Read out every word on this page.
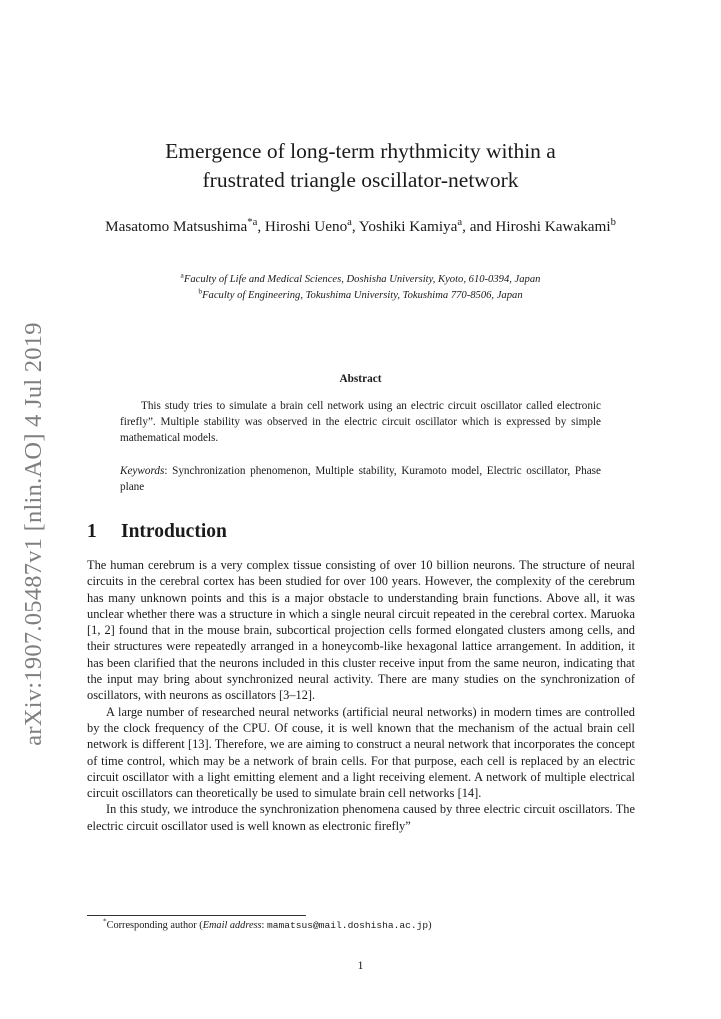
arXiv:1907.05487v1 [nlin.AO] 4 Jul 2019
Emergence of long-term rhythmicity within a
frustrated triangle oscillator-network
Masatomo Matsushima$^{*a}$, Hiroshi Ueno$^a$, Yoshiki Kamiya$^a$, and Hiroshi Kawakami$^b$
$^a$Faculty of Life and Medical Sciences, Doshisha University, Kyoto, 610-0394, Japan
$^b$Faculty of Engineering, Tokushima University, Tokushima 770-8506, Japan
Abstract

This study tries to simulate a brain cell network using an electric circuit oscillator called electronic firefly”. Multiple stability was observed in the electric circuit oscillator which is expressed by simple mathematical models.

Keywords: Synchronization phenomenon, Multiple stability, Kuramoto model, Electric oscillator, Phase plane

1 Introduction

The human cerebrum is a very complex tissue consisting of over 10 billion neurons. The structure of neural circuits in the cerebral cortex has been studied for over 100 years. However, the complexity of the cerebrum has many unknown points and this is a major obstacle to understanding brain functions. Above all, it was unclear whether there was a structure in which a single neural circuit repeated in the cerebral cortex. Maruoka [1, 2] found that in the mouse brain, subcortical projection cells formed elongated clusters among cells, and their structures were repeatedly arranged in a honeycomb-like hexagonal lattice arrangement. In addition, it has been clarified that the neurons included in this cluster receive input from the same neuron, indicating that the input may bring about synchronized neural activity. There are many studies on the synchronization of oscillators, with neurons as oscillators [3–12].

A large number of researched neural networks (artificial neural networks) in modern times are controlled by the clock frequency of the CPU. Of couse, it is well known that the mechanism of the actual brain cell network is different [13]. Therefore, we are aiming to construct a neural network that incorporates the concept of time control, which may be a network of brain cells. For that purpose, each cell is replaced by an electric circuit oscillator with a light emitting element and a light receiving element. A network of multiple electrical circuit oscillators can theoretically be used to simulate brain cell networks [14].

In this study, we introduce the synchronization phenomena caused by three electric circuit oscillators. The electric circuit oscillator used is well known as electronic firefly”

*Corresponding author (Email address: mamatsus@mail.doshisha.ac.jp)
1
